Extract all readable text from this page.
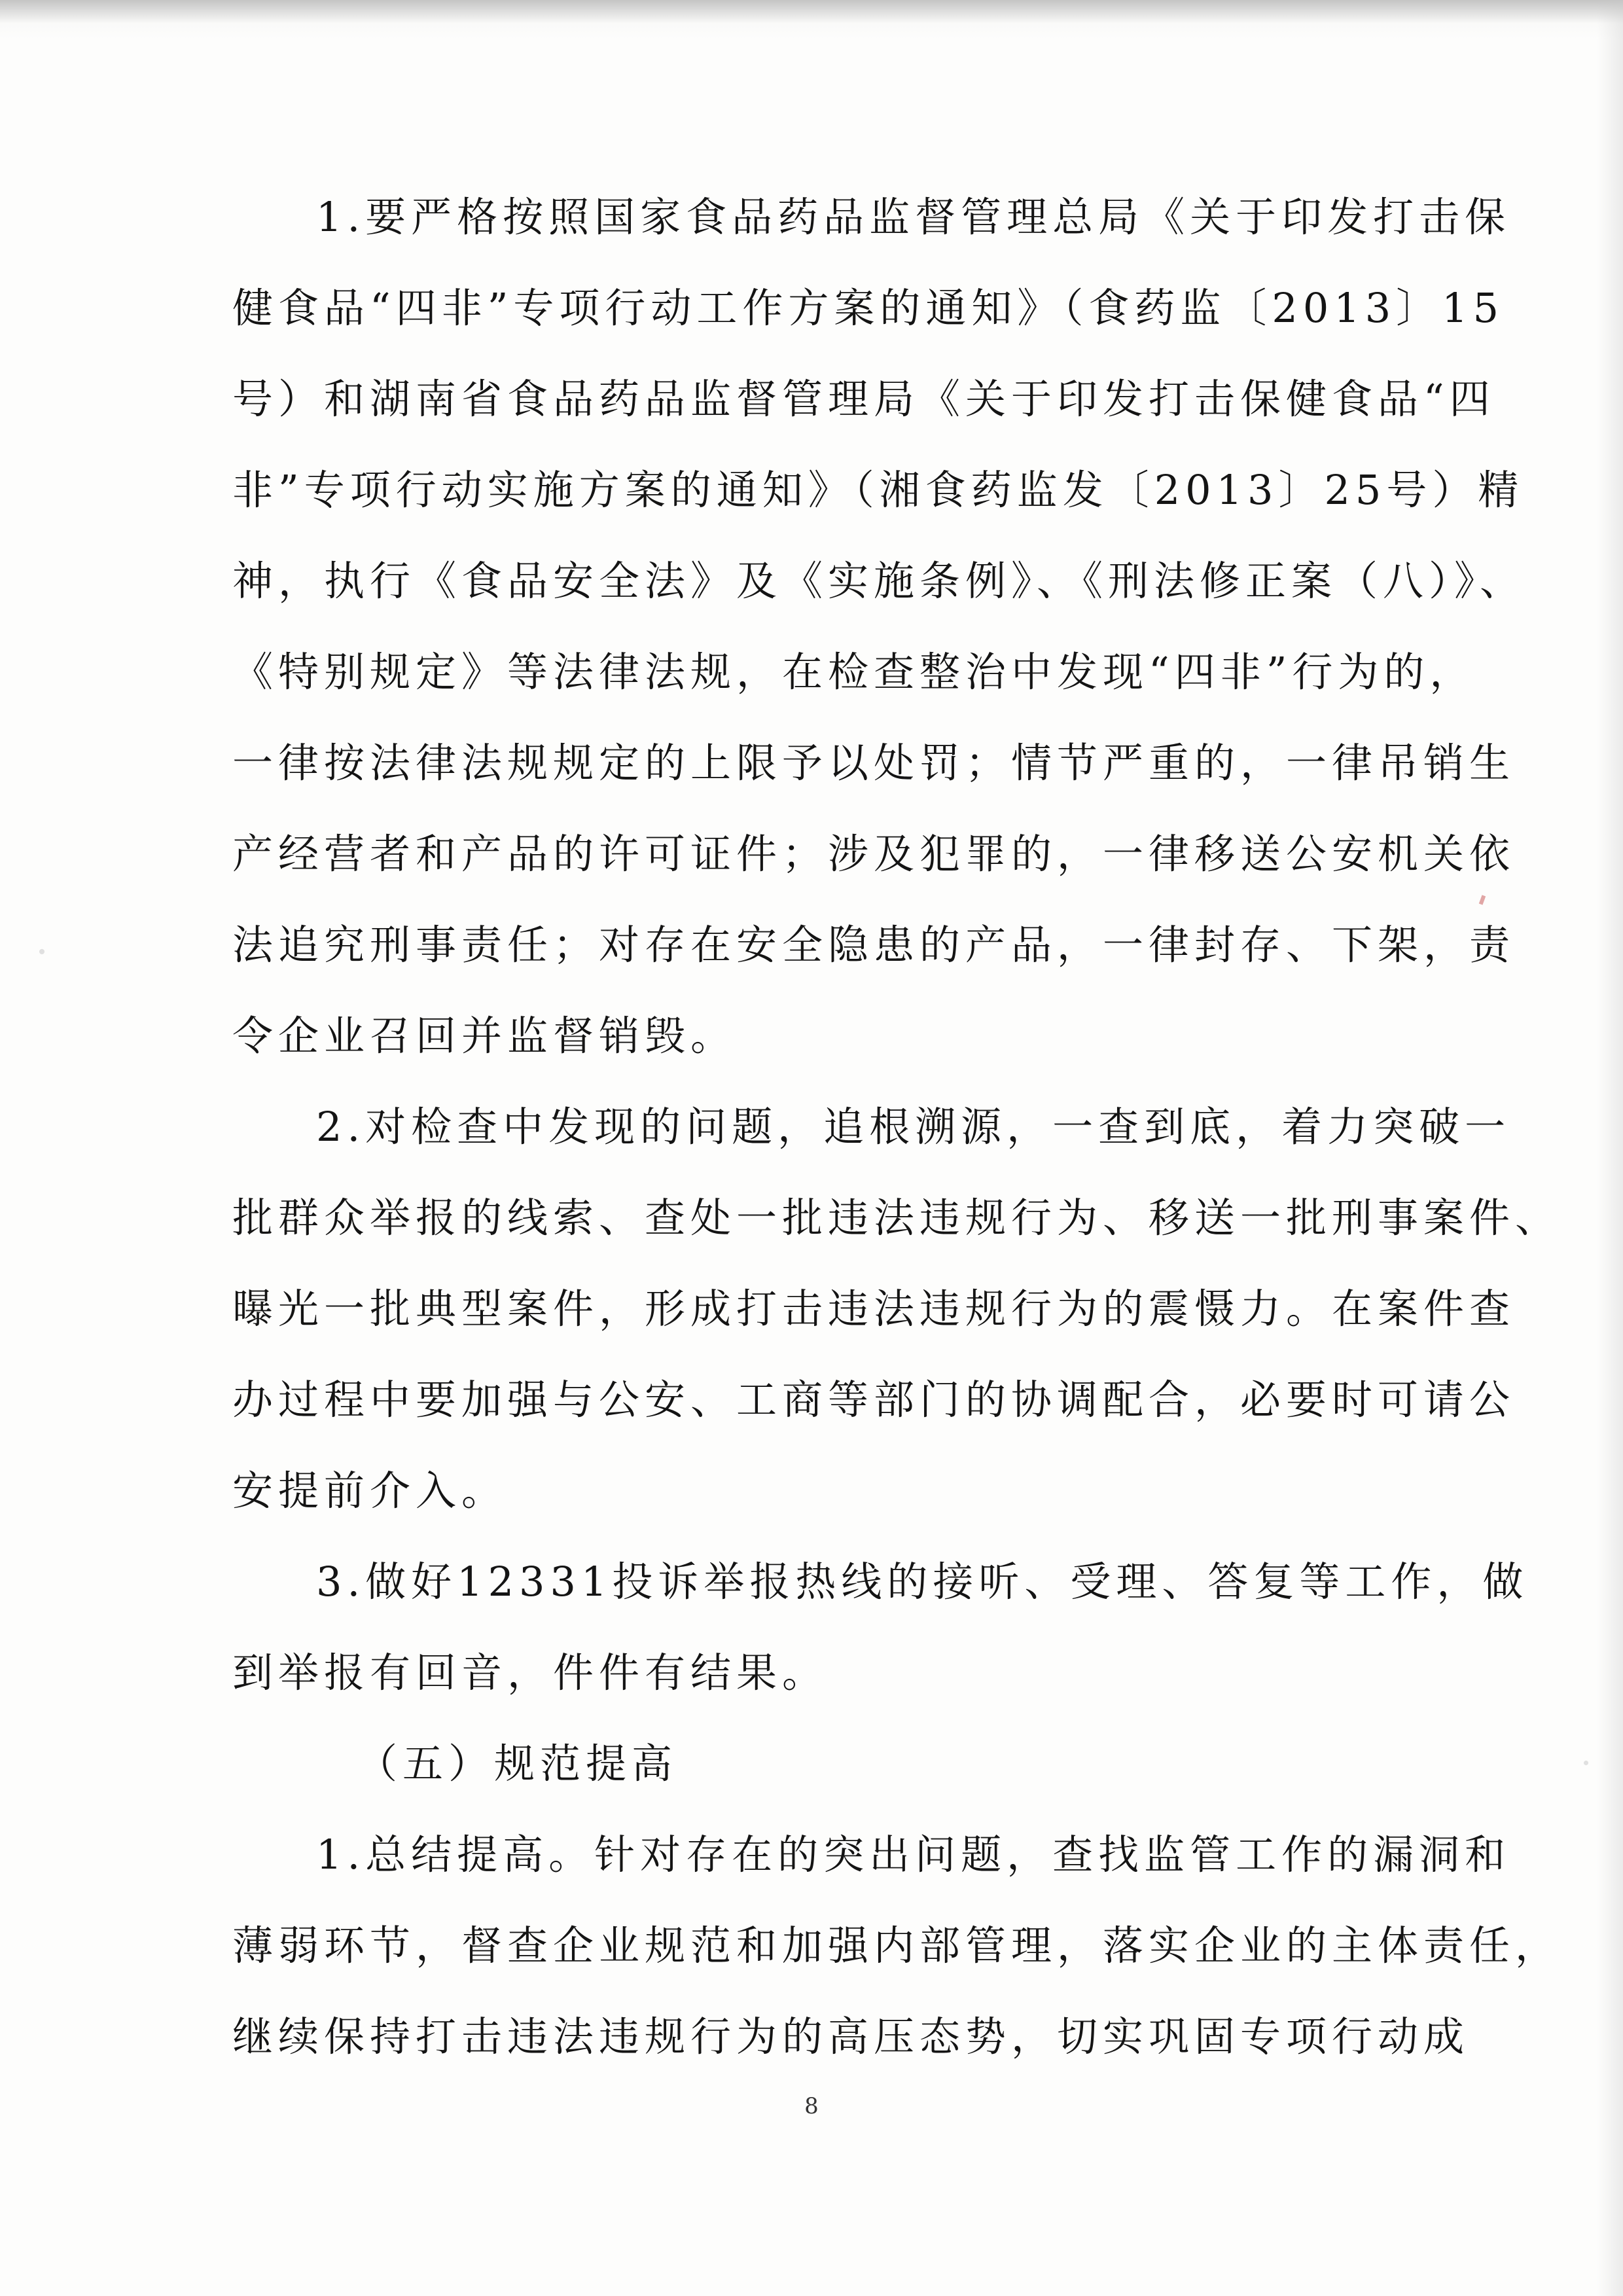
1.要严格按照国家食品药品监督管理总局《关于印发打击保
健食品“四非”专项行动工作方案的通知》（食药监〔2013〕15
号）和湖南省食品药品监督管理局《关于印发打击保健食品“四
非”专项行动实施方案的通知》（湘食药监发〔2013〕25号）精
神，执行《食品安全法》及《实施条例》、《刑法修正案（八）》、
《特别规定》等法律法规，在检查整治中发现“四非”行为的，
一律按法律法规规定的上限予以处罚；情节严重的，一律吊销生
产经营者和产品的许可证件；涉及犯罪的，一律移送公安机关依
法追究刑事责任；对存在安全隐患的产品，一律封存、下架，责
令企业召回并监督销毁。
2.对检查中发现的问题，追根溯源，一查到底，着力突破一
批群众举报的线索、查处一批违法违规行为、移送一批刑事案件、
曝光一批典型案件，形成打击违法违规行为的震慑力。在案件查
办过程中要加强与公安、工商等部门的协调配合，必要时可请公
安提前介入。
3.做好12331投诉举报热线的接听、受理、答复等工作，做
到举报有回音，件件有结果。
（五）规范提高
1.总结提高。针对存在的突出问题，查找监管工作的漏洞和
薄弱环节，督查企业规范和加强内部管理，落实企业的主体责任，
继续保持打击违法违规行为的高压态势，切实巩固专项行动成
8
